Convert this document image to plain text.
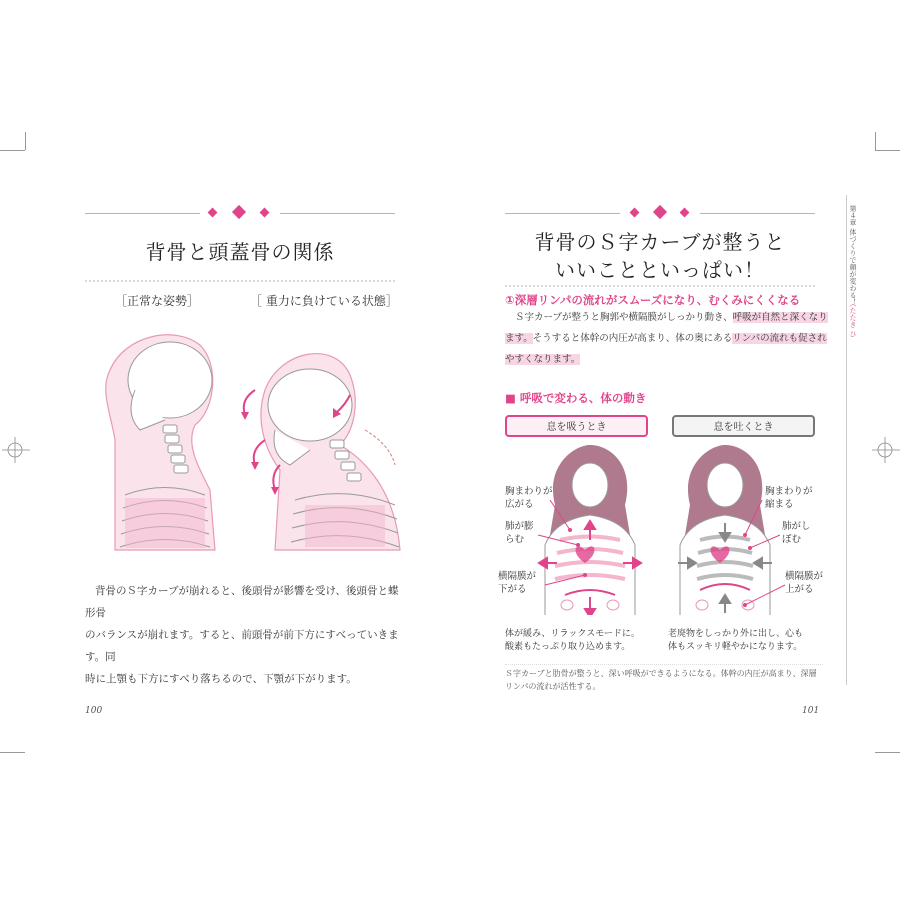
背骨と頭蓋骨の関係
［正常な姿勢］	［ 重力に負けている状態］
背骨のＳ字カーブが崩れると、後頭骨が影響を受け、後頭骨と蝶形骨
のバランスが崩れます。すると、前頭骨が前下方にすべっていきます。同
時に上顎も下方にすべり落ちるので、下顎が下がります。
100
背骨のＳ字カーブが整うと
いいことといっぱい！
①深層リンパの流れがスムーズになり、むくみにくくなる
Ｓ字カーブが整うと胸郭や横隔膜がしっかり動き、呼吸が自然と深くなり
ます。そうすると体幹の内圧が高まり、体の奥にあるリンパの流れも促され
やすくなります。
■ 呼吸で変わる、体の動き
息を吸うとき	息を吐くとき
胸まわりが広がる
肺が膨らむ
横隔膜が下がる
胸まわりが縮まる
肺がしぼむ
横隔膜が上がる
体が緩み、リラックスモードに。
酸素もたっぷり取り込めます。
老廃物をしっかり外に出し、心も
体もスッキリ軽やかになります。
Ｓ字カーブと肋骨が整うと、深い呼吸ができるようになる。体幹の内圧が高まり、深層
リンパの流れが活性する。
101
第４章 体づくりで顔が変わる！
（たたき ひ
